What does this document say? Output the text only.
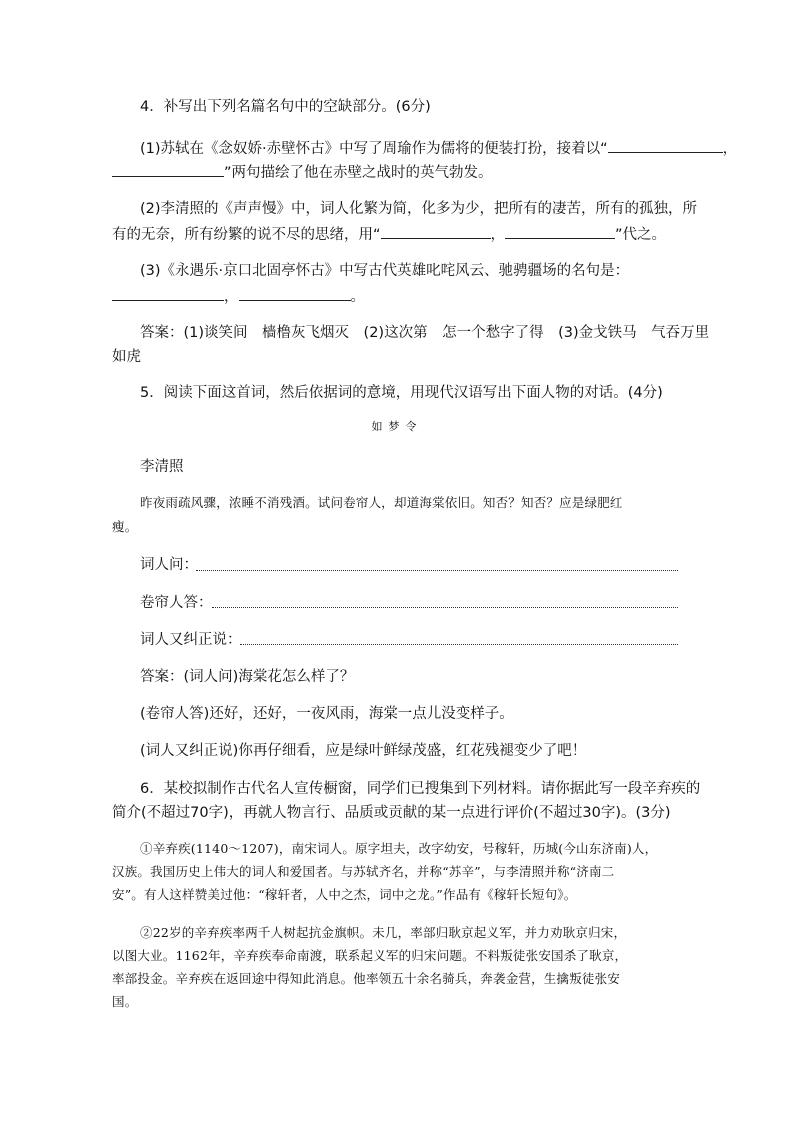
4．补写出下列名篇名句中的空缺部分。(6分)
(1)苏轼在《念奴娇·赤壁怀古》中写了周瑜作为儒将的便装打扮，接着以“	，
”两句描绘了他在赤壁之战时的英气勃发。
(2)李清照的《声声慢》中，词人化繁为简，化多为少，把所有的凄苦，所有的孤独，所
有的无奈，所有纷繁的说不尽的思绪，用“	，	”代之。
(3)《永遇乐·京口北固亭怀古》中写古代英雄叱咤风云、驰骋疆场的名句是：
，	。
答案：(1)谈笑间　樯橹灰飞烟灭　(2)这次第　怎一个愁字了得　(3)金戈铁马　气吞万里
如虎
5．阅读下面这首词，然后依据词的意境，用现代汉语写出下面人物的对话。(4分)
如梦令
李清照
昨夜雨疏风骤，浓睡不消残酒。试问卷帘人，却道海棠依旧。知否？知否？应是绿肥红
瘦。
词人问：
卷帘人答：
词人又纠正说：
答案：(词人问)海棠花怎么样了？
(卷帘人答)还好，还好，一夜风雨，海棠一点儿没变样子。
(词人又纠正说)你再仔细看，应是绿叶鲜绿茂盛，红花残褪变少了吧！
6．某校拟制作古代名人宣传橱窗，同学们已搜集到下列材料。请你据此写一段辛弃疾的
简介(不超过70字)，再就人物言行、品质或贡献的某一点进行评价(不超过30字)。(3分)
①辛弃疾(1140～1207)，南宋词人。原字坦夫，改字幼安，号稼轩，历城(今山东济南)人，
汉族。我国历史上伟大的词人和爱国者。与苏轼齐名，并称“苏辛”，与李清照并称“济南二
安”。有人这样赞美过他：“稼轩者，人中之杰，词中之龙。”作品有《稼轩长短句》。
②22岁的辛弃疾率两千人树起抗金旗帜。未几，率部归耿京起义军，并力劝耿京归宋，
以图大业。1162年，辛弃疾奉命南渡，联系起义军的归宋问题。不料叛徒张安国杀了耿京，
率部投金。辛弃疾在返回途中得知此消息。他率领五十余名骑兵，奔袭金营，生擒叛徒张安
国。
